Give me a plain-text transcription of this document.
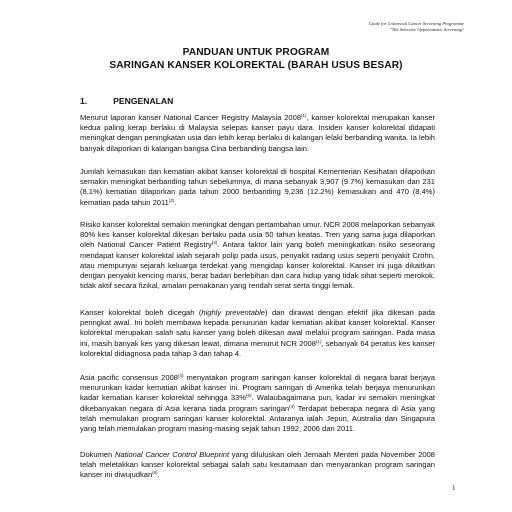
Guide for Colorectal Cancer Screening Programme
"The Selective Opportunistic Screening"
PANDUAN UNTUK PROGRAM
SARINGAN KANSER KOLOREKTAL (BARAH USUS BESAR)
1.	PENGENALAN

Menurut laporan kanser National Cancer Registry Malaysia 2008$^{(1)}$, kanser kolorektal merupakan kanser kedua paling kerap berlaku di Malaysia selepas kanser payu dara. Insiden kanser kolorektal didapati meningkat dengan peningkatan usia dan lebih kerap berlaku di kalangan lelaki berbanding wanita. Ia lebih banyak dilaporkan di kalangan bangsa Cina berbanding bangsa lain.

Jumlah kemasukan dan kematian akibat kanser kolorektal di hospital Kementerian Kesihatan dilaporkan semakin meningkat berbanding tahun sebelumnya, di mana sebanyak 3,907 (9.7%) kemasukan dan 231 (8.1%) kematian dilaporkan pada tahun 2000 berbanding 9,236 (12.2%) kemasukan and 470 (8.4%) kematian pada tahun 2011$^{(2)}$.

Risiko kanser kolorektal semakin meningkat dengan pertambahan umur. NCR 2008 melaporkan sebanyak 80% kes kanser kolorektal dikesan berlaku pada usia 50 tahun keatas. Tren yang sama juga dilaporkan oleh National Cancer Patient Registry$^{(3)}$. Antara faktor lain yang boleh meningkatkan risiko seseorang mendapat kanser kolorektal ialah sejarah polip pada usus, penyakit radang usus seperti penyakit Crohn, atau mempunyai sejarah keluarga terdekat yang mengidap kanser kolorektal. Kanser ini juga dikaitkan dengan penyakit kencing manis, berat badan berlebihan dan cara hidup yang tidak sihat seperti merokok, tidak aktif secara fizikal, amalan pemakanan yang rendah serat serta tinggi lemak.

Kanser kolorektal boleh dicegah (highly preventable) dan dirawat dengan efektif jika dikesan pada peringkat awal. Ini boleh membawa kepada penurunan kadar kematian akibat kanser kolorektal. Kanser kolorektal merupakan salah satu kanser yang boleh dikesan awal melalui program saringan. Pada masa ini, masih banyak kes yang dikesan lewat, dimana menurut NCR 2008$^{(1)}$, sebanyak 64 peratus kes kanser kolorektal didiagnosa pada tahap 3 dan tahap 4.

Asia pacific consensus 2008$^{(4)}$ menyatakan program saringan kanser kolorektal di negara barat berjaya menurunkan kadar kematian akibat kanser ini. Program saringan di Amerika telah berjaya menurunkan kadar kematian kanser kolorektal sehingga 33%$^{(5)}$. Walaubagaimana pun, kadar ini semakin meningkat dikebanyakan negara di Asia kerana tiada program saringan$^{(4)}$ Terdapat beberapa negara di Asia yang telah memulakan program saringan kanser kolorektal. Antaranya ialah Jepun, Australia dan Singapura yang telah memulakan program masing-masing sejak tahun 1992, 2006 dan 2011.

Dokumen National Cancer Control Blueprint yang diluluskan oleh Jemaah Menteri pada November 2008 telah meletakkan kanser kolorektal sebagai salah satu keutamaan dan menyarankan program saringan kanser ini diwujudkan$^{(6)}$.

1
